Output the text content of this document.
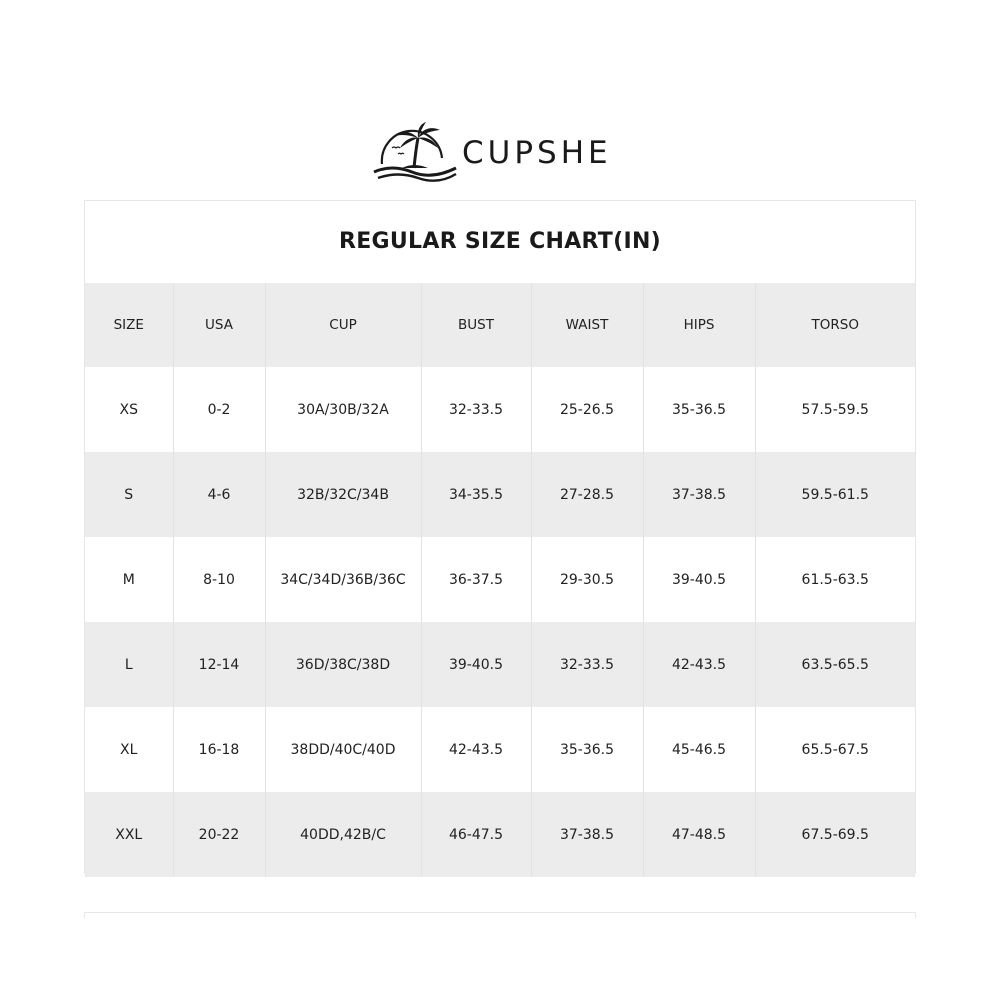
CUPSHE
REGULAR SIZE CHART(IN)
SIZE	USA	CUP	BUST	WAIST	HIPS	TORSO
XS	0-2	30A/30B/32A	32-33.5	25-26.5	35-36.5	57.5-59.5
S	4-6	32B/32C/34B	34-35.5	27-28.5	37-38.5	59.5-61.5
M	8-10	34C/34D/36B/36C	36-37.5	29-30.5	39-40.5	61.5-63.5
L	12-14	36D/38C/38D	39-40.5	32-33.5	42-43.5	63.5-65.5
XL	16-18	38DD/40C/40D	42-43.5	35-36.5	45-46.5	65.5-67.5
XXL	20-22	40DD,42B/C	46-47.5	37-38.5	47-48.5	67.5-69.5
